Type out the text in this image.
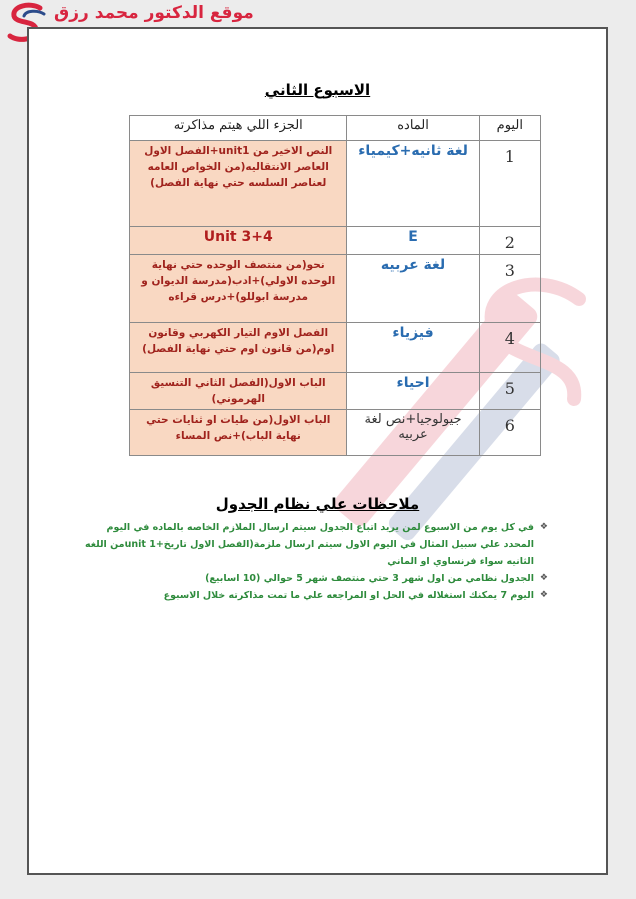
موقع الدكتور محمد رزق
الاسبوع الثاني
اليوم	الماده	الجزء اللي هيتم مذاكرته
1	لغة ثانيه+كيمياء	النص الاخير من unit1+الفصل الاول العاصر الانتقاليه(من الخواص العامه لعناصر السلسه حتي نهاية الفصل)
2	E	Unit 3+4
3	لغة عربيه	نحو(من منتصف الوحده حتي نهاية الوحده الاولي)+ادب(مدرسة الديوان و مدرسة ابوللو)+درس قراءه
4	فيزياء	الفصل الاوم التيار الكهربي وقانون اوم(من قانون اوم حتي نهاية الفصل)
5	احياء	الباب الاول(الفصل الثاني التنسيق الهرموني)
6	جيولوجيا+نص لغة عربيه	الباب الاول(من طيات او ثنايات حتي نهاية الباب)+نص المساء
ملاحظات علي نظام الجدول
❖
في كل يوم من الاسبوع لمن يريد اتباع الجدول سيتم ارسال الملازم الخاصه بالماده في اليوم المحدد علي سبيل المثال في اليوم الاول سيتم ارسال ملزمة(الفصل الاول تاريخ+unit 1من اللغه الثانيه سواء فرنساوي او الماني
❖
الجدول نظامي من اول شهر 3 حتي منتصف شهر 5 حوالي (10 اسابيع)
❖
اليوم 7 يمكنك استغلاله في الحل او المراجعه علي ما تمت مذاكرته خلال الاسبوع
